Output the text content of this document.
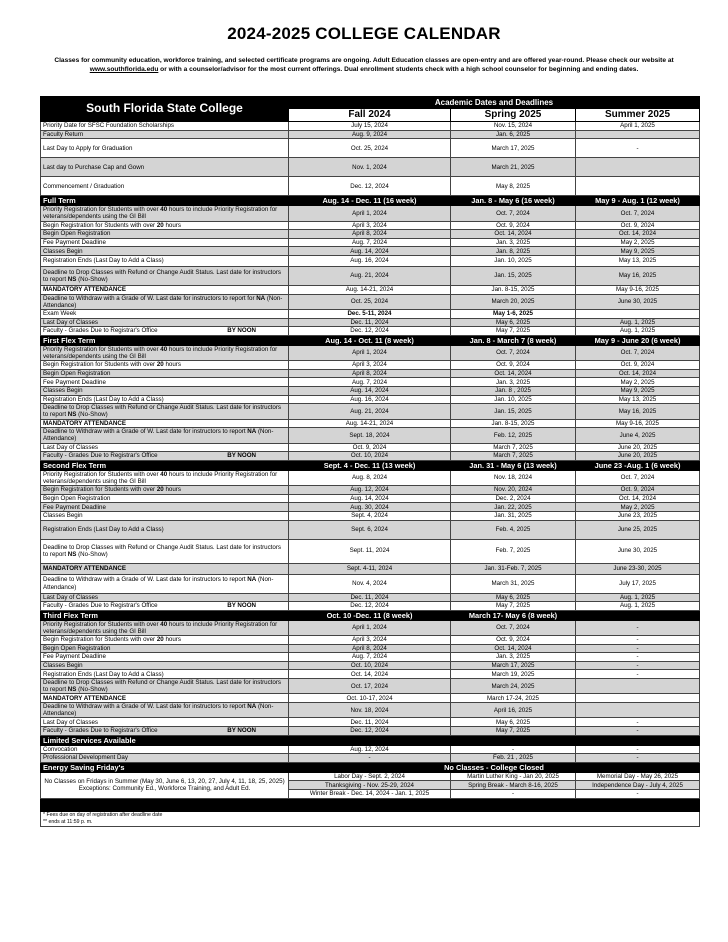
2024-2025 COLLEGE CALENDAR
Classes for community education, workforce training, and selected certificate programs are ongoing. Adult Education classes are open-entry and are offered year-round. Please check our website at www.southflorida.edu or with a counselor/advisor for the most current offerings. Dual enrollment students check with a high school counselor for beginning and ending dates.
South Florida State College	Academic Dates and Deadlines		
	Fall 2024	Spring 2025	Summer 2025
Priority Date for SFSC Foundation Scholarships	July 15, 2024	Nov. 15, 2024	April 1, 2025
Faculty Return	Aug. 9, 2024	Jan. 6, 2025	
Last Day to Apply for Graduation	Oct. 25, 2024	March 17, 2025	-
Last day to Purchase Cap and Gown	Nov. 1, 2024	March 21, 2025	
Commencement / Graduation	Dec. 12, 2024	May 8, 2025	
Full Term	Aug. 14 - Dec. 11 (16 week)	Jan. 8 - May 6 (16 week)	May 9 - Aug. 1 (12 week)
Priority Registration for Students with over 40 hours to include Priority Registration for veterans/dependents using the GI Bill	April 1, 2024	Oct. 7, 2024	Oct. 7, 2024
Begin Registration for Students with over 20 hours	April 3, 2024	Oct. 9, 2024	Oct. 9, 2024
Begin Open Registration	April 8, 2024	Oct. 14, 2024	Oct. 14, 2024
Fee Payment Deadline	Aug. 7, 2024	Jan. 3, 2025	May 2, 2025
Classes Begin	Aug. 14, 2024	Jan. 8, 2025	May 9, 2025
Registration Ends (Last Day to Add a Class)	Aug. 16, 2024	Jan. 10, 2025	May 13, 2025
Deadline to Drop Classes with Refund or Change Audit Status. Last date for instructors to report NS (No-Show)	Aug. 21, 2024	Jan. 15, 2025	May 16, 2025
MANDATORY ATTENDANCE	Aug. 14-21, 2024	Jan. 8-15, 2025	May 9-16, 2025
Deadline to Withdraw with a Grade of W. Last date for instructors to report for NA (Non-Attendance)	Oct. 25, 2024	March 20, 2025	June 30, 2025
Exam Week	Dec. 5-11, 2024	May 1-6, 2025	
Last Day of Classes	Dec. 11, 2024	May 6, 2025	Aug. 1, 2025

BY NOON
Faculty - Grades Due to Registrar's Office	Dec. 12, 2024	May 7, 2025	Aug. 1, 2025
First Flex Term	Aug. 14 - Oct. 11 (8 week)	Jan. 8 - March 7 (8 week)	May 9 - June 20 (6 week)
Priority Registration for Students with over 40 hours to include Priority Registration for veterans/dependents using the GI Bill	April 1, 2024	Oct. 7, 2024	Oct. 7, 2024
Begin Registration for Students with over 20 hours	April 3, 2024	Oct. 9, 2024	Oct. 9, 2024
Begin Open Registration	April 8, 2024	Oct. 14, 2024	Oct. 14, 2024
Fee Payment Deadline	Aug. 7, 2024	Jan. 3, 2025	May 2, 2025
Classes Begin	Aug. 14, 2024	Jan. 8 , 2025	May 9, 2025
Registration Ends (Last Day to Add a Class)	Aug. 16, 2024	Jan. 10, 2025	May 13, 2025
Deadline to Drop Classes with Refund or Change Audit Status. Last date for instructors to report NS (No-Show)	Aug. 21, 2024	Jan. 15, 2025	May 16, 2025
MANDATORY ATTENDANCE	Aug. 14-21, 2024	Jan. 8-15, 2025	May 9-16, 2025
Deadline to Withdraw with a Grade of W. Last date for instructors to report NA (Non-Attendance)	Sept. 18, 2024	Feb. 12, 2025	June 4, 2025
Last Day of Classes	Oct. 9, 2024	March 7, 2025	June 20, 2025

BY NOON
Faculty - Grades Due to Registrar's Office	Oct. 10, 2024	March 7, 2025	June 20, 2025
Second Flex Term	Sept. 4 - Dec. 11 (13 week)	Jan. 31 - May 6 (13 week)	June 23 -Aug. 1 (6 week)
Priority Registration for Students with over 40 hours to include Priority Registration for veterans/dependents using the GI Bill	Aug. 8, 2024	Nov. 18, 2024	Oct. 7, 2024
Begin Registration for Students with over 20 hours	Aug. 12, 2024	Nov. 20, 2024	Oct. 9, 2024
Begin Open Registration	Aug. 14, 2024	Dec. 2, 2024	Oct. 14, 2024
Fee Payment Deadline	Aug. 30, 2024	Jan. 22, 2025	May 2, 2025
Classes Begin	Sept. 4, 2024	Jan. 31, 2025	June 23, 2025
Registration Ends (Last Day to Add a Class)	Sept. 6, 2024	Feb. 4, 2025	June 25, 2025
Deadline to Drop Classes with Refund or Change Audit Status. Last date for instructors to report NS (No-Show)	Sept. 11, 2024	Feb. 7, 2025	June 30, 2025
MANDATORY ATTENDANCE	Sept. 4-11, 2024	Jan. 31-Feb. 7, 2025	June 23-30, 2025
Deadline to Withdraw with a Grade of W. Last date for instructors to report NA (Non-Attendance)	Nov. 4, 2024	March 31, 2025	July 17, 2025
Last Day of Classes	Dec. 11, 2024	May 6, 2025	Aug. 1, 2025

BY NOON
Faculty - Grades Due to Registrar's Office	Dec. 12, 2024	May 7, 2025	Aug. 1, 2025
Third Flex Term	Oct. 10 -Dec. 11 (8 week)	March 17- May 6 (8 week)	
Priority Registration for Students with over 40 hours to include Priority Registration for veterans/dependents using the GI Bill	April 1, 2024	Oct. 7, 2024	-
Begin Registration for Students with over 20 hours	April 3, 2024	Oct. 9, 2024	-
Begin Open Registration	April 8, 2024	Oct. 14, 2024	-
Fee Payment Deadline	Aug. 7, 2024	Jan. 3, 2025	-
Classes Begin	Oct. 10, 2024	March 17, 2025	-
Registration Ends (Last Day to Add a Class)	Oct. 14, 2024	March 19, 2025	-
Deadline to Drop Classes with Refund or Change Audit Status. Last date for instructors to report NS (No-Show)	Oct. 17, 2024	March 24, 2025	
MANDATORY ATTENDANCE	Oct. 10-17, 2024	March 17-24, 2025	
Deadline to Withdraw with a Grade of W. Last date for instructors to report NA (Non-Attendance)	Nov. 18, 2024	April 16, 2025	
Last Day of Classes	Dec. 11, 2024	May 6, 2025	-

BY NOON
Faculty - Grades Due to Registrar's Office	Dec. 12, 2024	May 7, 2025	-
Limited Services Available			
Convocation	Aug. 12, 2024	-	-
Professional Development Day	-	Feb. 21 , 2025	-
Energy Saving Friday's	No Classes - College Closed		
No Classes on Fridays in Summer (May 30, June 6, 13, 20, 27, July 4, 11, 18, 25, 2025) Exceptions: Community Ed., Workforce Training, and Adult Ed.	Labor Day - Sept. 2, 2024	Martin Luther King - Jan 20, 2025	Memorial Day - May 26, 2025
	Thanksgiving - Nov. 25-29, 2024	Spring Break - March 8-16, 2025	Independence Day - July 4, 2025
	Winter Break - Dec. 14, 2024 - Jan. 1, 2025	-	-

* Fees due on day of registration after deadline date			
** ends at 11:59 p. m.			
